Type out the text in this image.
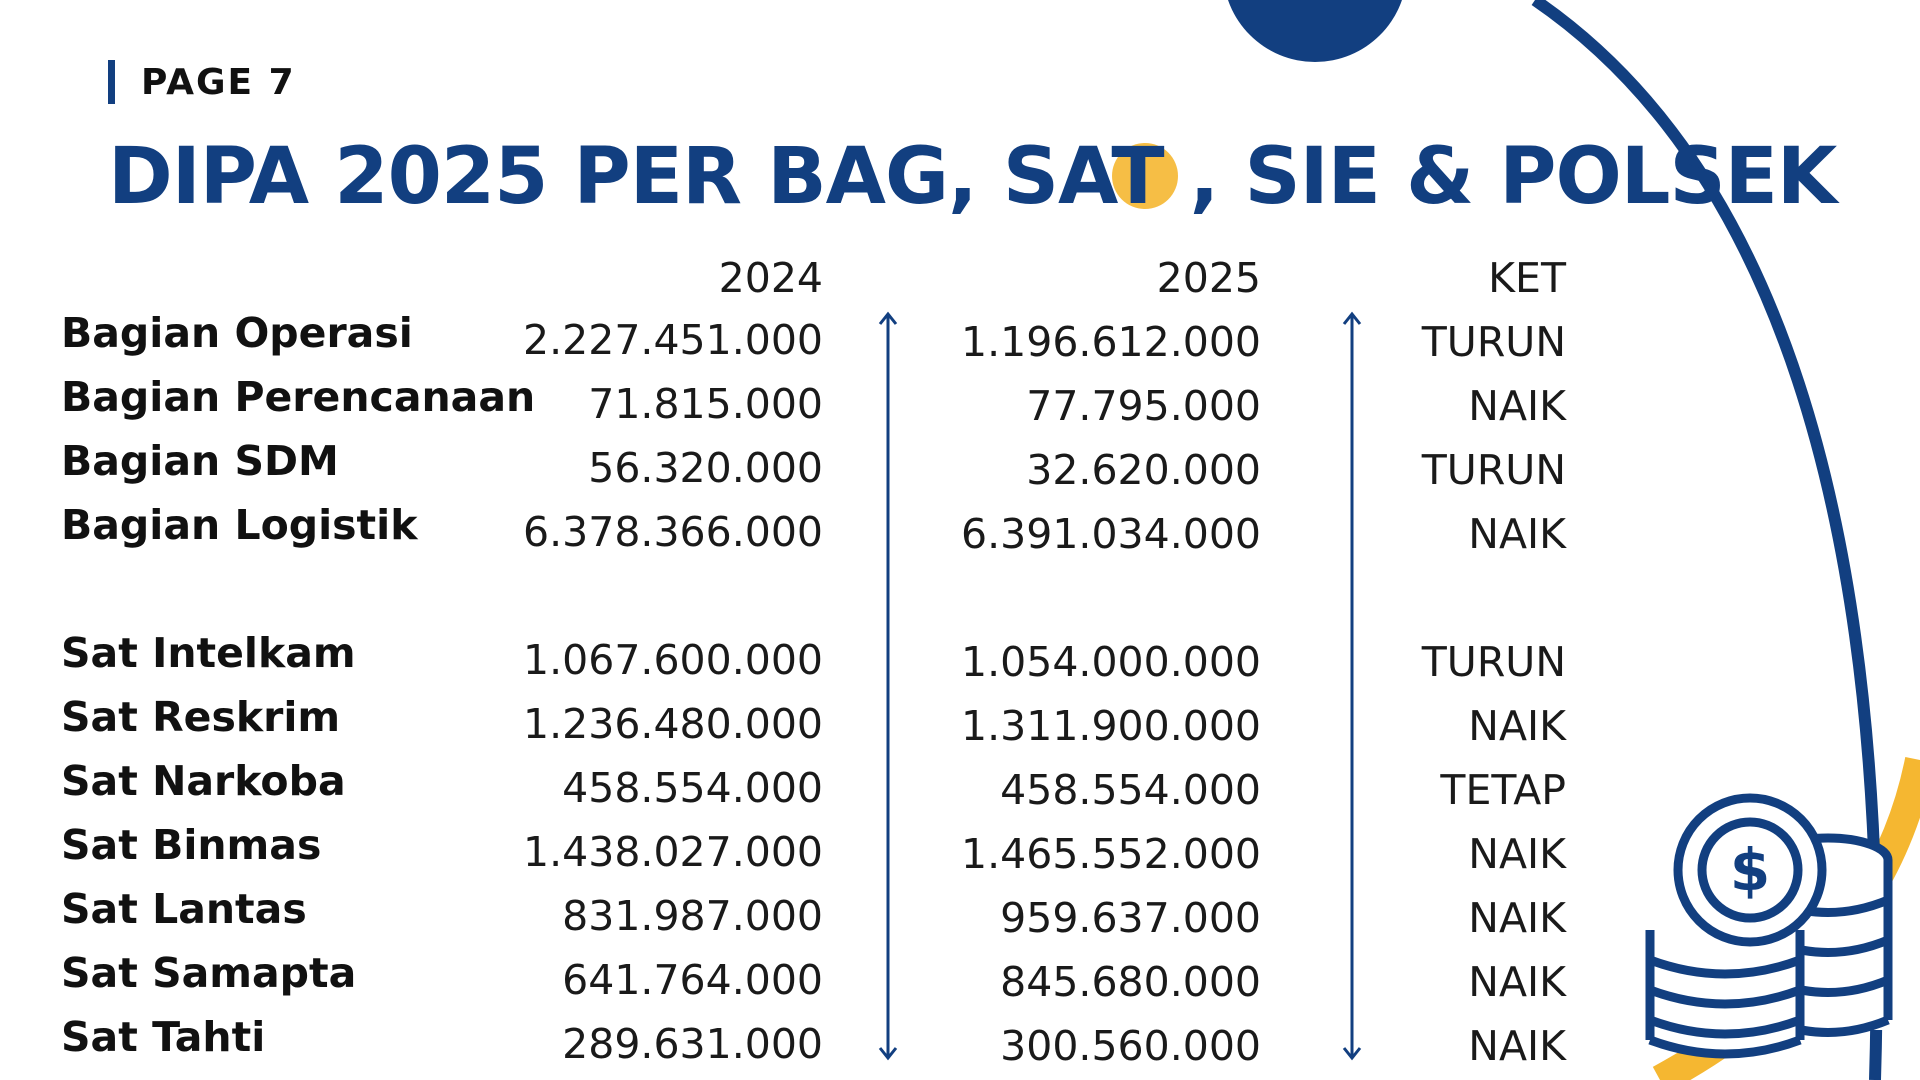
PAGE 7
DIPA 2025 PER BAG, SAT , SIE & POLSEK
2024	2025	KET
Bagian Operasi	2.227.451.000	1.196.612.000	TURUN
Bagian Perencanaan 71.815.000	77.795.000	NAIK
Bagian SDM	56.320.000	32.620.000	TURUN
Bagian Logistik	6.378.366.000	6.391.034.000	NAIK
Sat Intelkam	1.067.600.000	1.054.000.000	TURUN
Sat Reskrim	1.236.480.000	1.311.900.000	NAIK
Sat Narkoba	458.554.000	458.554.000	TETAP
Sat Binmas	1.438.027.000	1.465.552.000	NAIK
Sat Lantas	831.987.000	959.637.000	NAIK
Sat Samapta	641.764.000	845.680.000	NAIK
Sat Tahti	289.631.000	300.560.000	NAIK
$
